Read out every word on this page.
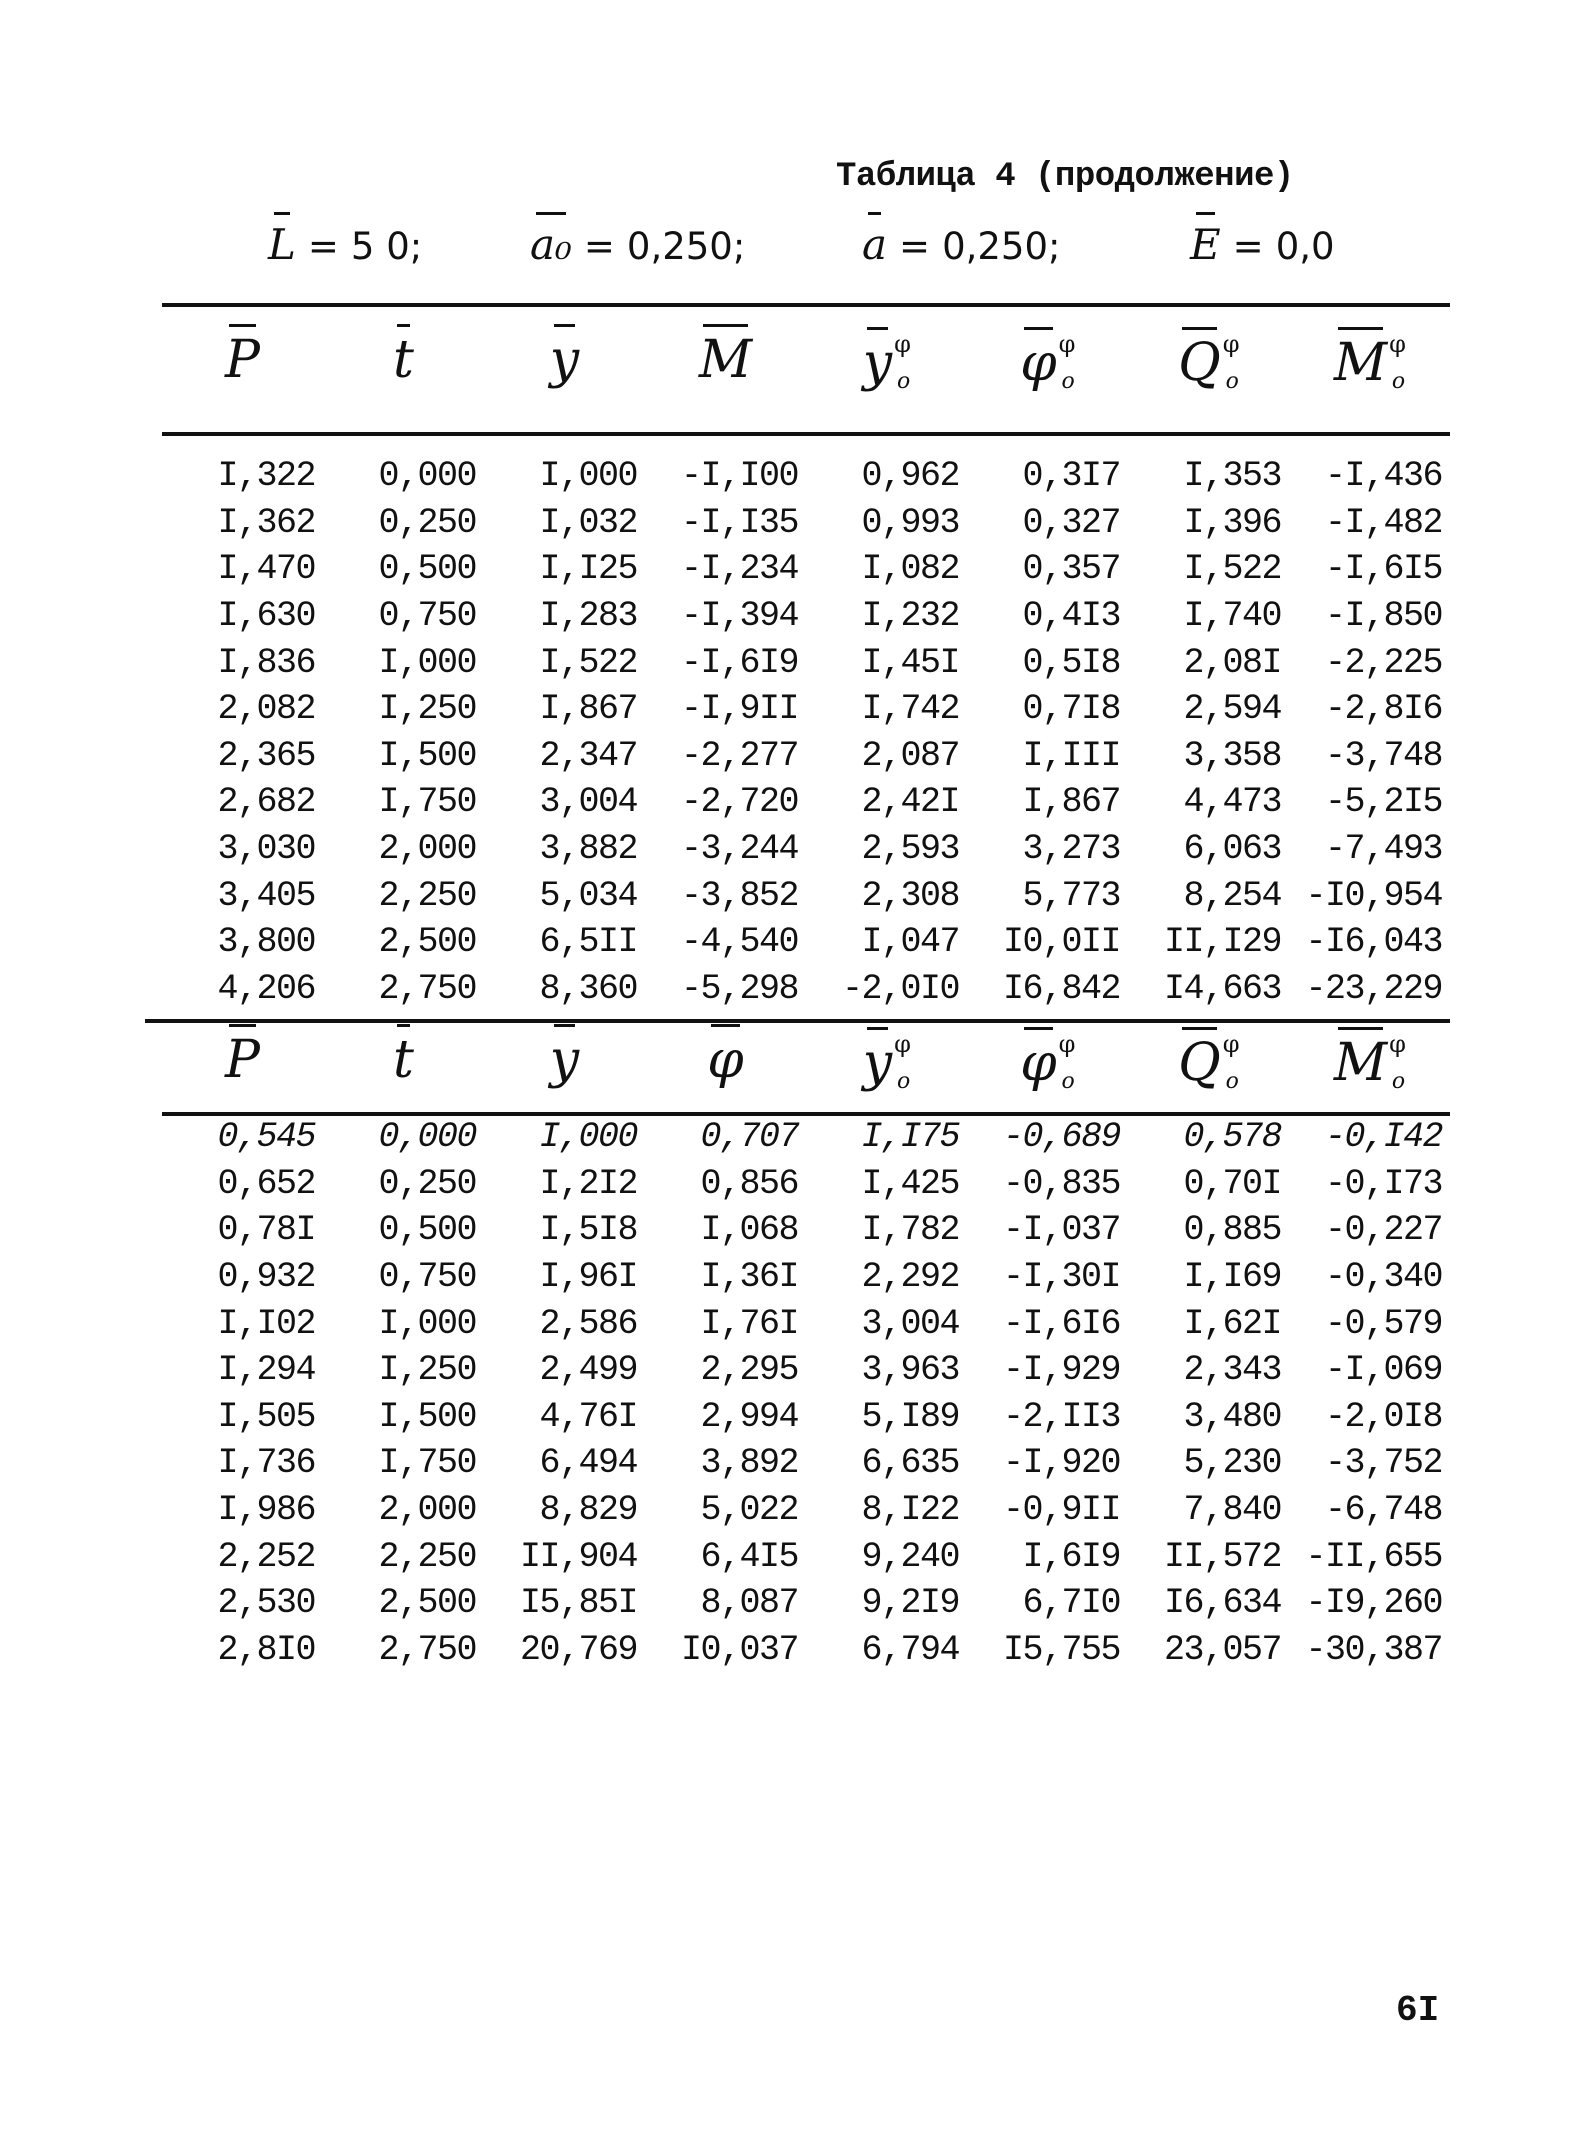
Таблица 4 (продолжение)
L = 5 0;	a₀ = 0,250;	a = 0,250;	E = 0,0
P	t	y	M	$y^\varphi_o$	$\varphi^\varphi_o$	$Q^\varphi_o$	$M^\varphi_o$
I,322	0,000	I,000	-I,I00	0,962	0,3I7	I,353	-I,436
I,362	0,250	I,032	-I,I35	0,993	0,327	I,396	-I,482
I,470	0,500	I,I25	-I,234	I,082	0,357	I,522	-I,6I5
I,630	0,750	I,283	-I,394	I,232	0,4I3	I,740	-I,850
I,836	I,000	I,522	-I,6I9	I,45I	0,5I8	2,08I	-2,225
2,082	I,250	I,867	-I,9II	I,742	0,7I8	2,594	-2,8I6
2,365	I,500	2,347	-2,277	2,087	I,III	3,358	-3,748
2,682	I,750	3,004	-2,720	2,42I	I,867	4,473	-5,2I5
3,030	2,000	3,882	-3,244	2,593	3,273	6,063	-7,493
3,405	2,250	5,034	-3,852	2,308	5,773	8,254	-I0,954
3,800	2,500	6,5II	-4,540	I,047	I0,0II	II,I29	-I6,043
4,206	2,750	8,360	-5,298	-2,0I0	I6,842	I4,663	-23,229
P	t	y	φ	$y^\varphi_o$	$\varphi^\varphi_o$	$Q^\varphi_o$	$M^\varphi_o$
0,545	0,000	I,000	0,707	I,I75	-0,689	0,578	-0,I42
0,652	0,250	I,2I2	0,856	I,425	-0,835	0,70I	-0,I73
0,78I	0,500	I,5I8	I,068	I,782	-I,037	0,885	-0,227
0,932	0,750	I,96I	I,36I	2,292	-I,30I	I,I69	-0,340
I,I02	I,000	2,586	I,76I	3,004	-I,6I6	I,62I	-0,579
I,294	I,250	2,499	2,295	3,963	-I,929	2,343	-I,069
I,505	I,500	4,76I	2,994	5,I89	-2,II3	3,480	-2,0I8
I,736	I,750	6,494	3,892	6,635	-I,920	5,230	-3,752
I,986	2,000	8,829	5,022	8,I22	-0,9II	7,840	-6,748
2,252	2,250	II,904	6,4I5	9,240	I,6I9	II,572	-II,655
2,530	2,500	I5,85I	8,087	9,2I9	6,7I0	I6,634	-I9,260
2,8I0	2,750	20,769	I0,037	6,794	I5,755	23,057	-30,387
6I
